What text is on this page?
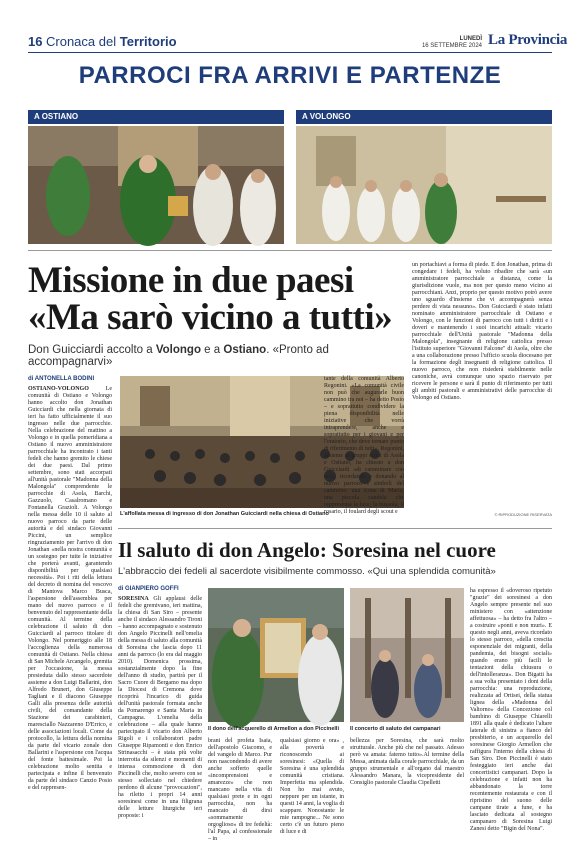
16 Cronaca del Territorio	LUNEDÌ
16 SETTEMBRE 2024 La Provincia
PARROCI FRA ARRIVI E PARTENZE
A OSTIANO	A VOLONGO
Missione in due paesi
«Ma sarò vicino a tutti»
Don Guicciardi accolto a Volongo e a Ostiano. «Pronto ad accompagnarvi»
di ANTONELLA BODINI
OSTIANO-VOLONGO Le comunità di Ostiano e Volongo hanno accolto don Jonathan Guicciardi che nella giornata di ieri ha fatto ufficialmente il suo ingresso nelle due parrocchie. Nella celebrazione del mattino a Volongo e in quella pomeridiana a Ostiano il nuovo amministratore parrocchiale ha incontrato i tanti fedeli che hanno gremito le chiese dei due paesi. Dal primo settembre, sono stati accorpati all'unità pastorale "Madonna della Malongola" comprendente le parrocchie di Asola, Barchi, Gazzuolo, Casalromano e Fontanella Grazioli. A Volongo nella messa delle 10 il saluto al nuovo parroco da parte delle autorità e del sindaco Giovanni Piccini, un semplice ringraziamento per l'arrivo di don Jonathan «nella nostra comunità e un sostegno per tutte le iniziative che porterà avanti, garantendo disponibilità per qualsiasi necessità». Poi i riti della lettura del decreto di nomina del vescovo di Mantova Marco Busca, l'aspersione dell'assemblea per mano del nuovo parroco e il benvenuto del rappresentante della comunità. Al termine della celebrazione il saluto di don Guicciardi al parroco titolare di Volongo. Nel pomeriggio alle 18 l'accoglienza della numerosa comunità di Ostiano. Nella chiesa di San Michele Arcangelo, gremita per l'occasione, la messa presieduta dallo stesso sacerdote assieme a don Luigi Ballarini, don Alfredo Bruneri, don Giuseppe Tagliani e il diacono Giuseppe Galli alla presenza delle autorità civili, del comandante della Stazione dei carabinieri, maresciallo Nazzareno D'Errico, e delle associazioni locali. Come da protocollo, la lettura della nomina da parte del vicario zonale don Ballarini e l'aspersione con l'acqua del fonte battesimale. Poi la celebrazione molto sentita e partecipata e infine il benvenuto da parte del sindaco Canzio Posio e del rappresen-
L'affollata messa di ingresso di don Jonathan Guicciardi nella chiesa di Ostiano
tante della comunità Alberto Regonini. «La comunità civile non può che augurarle buon cammino tra noi – ha detto Posio – e soprattutto condividere la piena disponibilità nelle iniziative che vorrà intraprendere, anche e soprattutto per i giovani e per l'oratorio, che deve tornare punto di riferimento di tutti». Regonini, assieme ai gruppi scout di Asola e Ostiano, ha chiesto a don Guicciardi «di camminare con noi», ricordando e donando al nuovo parroco i simboli del cammino: una icona di Maria, una piccola candela che rappresenta la luce, la bussola, il rosario, il foulard degli scout e
un portachiavi a forma di piede. E don Jonathan, prima di congedare i fedeli, ha voluto ribadire che sarà «un amministratore parrocchiale a distanza, come la giurisdizione vuole, ma non per questo meno vicino ai parrocchiani. Anzi, proprio per questo motivo potrò avere uno sguardo d'insieme che vi accompagnerà senza perdere di vista nessuno». Don Guicciardi è stato infatti nominato amministratore parrocchiale di Ostiano e Volongo, con le funzioni di parroco con tutti i diritti e i doveri e mantenendo i suoi incarichi attuali: vicario parrocchiale dell'Unità pastorale "Madonna della Malongola", insegnante di religione cattolica presso l'istituto superiore "Giovanni Falcone" di Asola, oltre che a una collaborazione presso l'ufficio scuola diocesano per la formazione degli insegnanti di religione cattolica. Il nuovo parroco, che non risiederà stabilmente nelle canoniche, avrà comunque uno spazio riservato per ricevere le persone e sarà il punto di riferimento per tutti gli ambiti pastorali e amministrativi delle parrocchie di Volongo ed Ostiano.
© RIPRODUZIONE RISERVATA
Il saluto di don Angelo: Soresina nel cuore
L'abbraccio dei fedeli al sacerdote visibilmente commosso. «Qui una splendida comunità»
di GIANPIERO GOFFI
SORESINA Gli applausi delle fedeli che gremivano, ieri mattina, la chiesa di San Siro – presente anche il sindaco Alessandro Tironi – hanno accompagnato e sostenuto don Angelo Piccinelli nell'omelia della messa di saluto alla comunità di Soresina che lascia dopo 11 anni da parroco (lo era dal maggio 2010). Domenica prossima, sostanzialmente dopo la fine dell'anno di studio, partirà per il Sacro Cuore di Bergamo ma dopo la Diocesi di Cremona dove ricoprirà l'incarico di guida dell'unità pastorale formata anche da Pomarengo e Santa Maria in Campagna. L'omelia della celebrazione – alla quale hanno partecipato il vicario don Alberto Rigoli e i collaboratori padre Giuseppe Ripamonti e don Enrico Strinasacchi – è stata più volte interrotta da silenzi e momenti di intensa commozione di don Piccinelli che, molto severo con se stesso solleciato nel chiedere perdono di alcune "provocazioni", ha riletto i propri 14 anni soresinesi come in una filigrana delle letture liturgiche ieri proposte: i
Il dono dell'acquerello di Armellon a don Piccinelli	Il concerto di saluto dei campanari
brani del profeta Isaia, dell'apostolo Giacomo, e del vangelo di Marco. Pur non nascondendo di avere anche sofferto quelle «incomprensioni e amarezze» che non mancano nella vita di qualsiasi prete e in ogni parrocchia, non ha mancato di dirsi «sommamente orgoglioso» di tre fedeltà: l'al Papa, al confessionale – in
qualsiasi giorno e ora» , alla povertà e riconoscendo ai soresinesi: «Quella di Soresina è una splendida comunità cristiana. Imperfetta ma splendida. Non ho mai avuto, neppure per un istante, in questi 14 anni, la voglia di scappare. Nonostante le mie rampogne... Ne sono certo c'è un futuro pieno di luce e di
bellezza per Soresina, che sarà molto strutturale. Anche più che nel passato. Adesso però va amata: fatemo tutto».Al termine della Messa, animata dalla corale parrocchiale, da un gruppo strumentale e all'organo dal maestro Alessandro Manara, la vicepresidente del Consiglio pastorale Claudia Cipelletti
ha espresso il «doveroso ripetuto "grazie" dei soresinesi a don Angelo sempre presente nel suo ministero con «attenzione affettuosa» – ha detto fra l'altro – a costruire «ponti e non muri». E questo negli anni, aveva ricordato lo stesso parroco, «della crescita esponenziale dei migranti, della pandemia, dei bisogni sociali» quando erano più facili le tentazioni della chiusura o dell'intolleranza». Don Bigatti ha a sua volta presentato i doni della parrocchia: una reproduzione, realizzata ad Ortisei, della statua lignea della «Madonna del Valtorno» della Concezione col bambino di Giuseppe Chiarelli 1891 alla quale è dedicato l'altare laterale di sinistra a fianco del presbiterio, e un acquerello del soresinese Giorgio Armellon che raffigura l'interno della chiesa di San Siro. Don Piccinelli è stato festeggiato ieri anche dai concertistici campanari. Dopo la celebrazione e infatti non ha abbandonato la torre recentemente restaurata e con il ripristino del suono delle campane tirate a fune, e ha lasciato dedicata al sostegno campanaro di Soresina Luigi Zanesi detto "Bigin del Nona".
